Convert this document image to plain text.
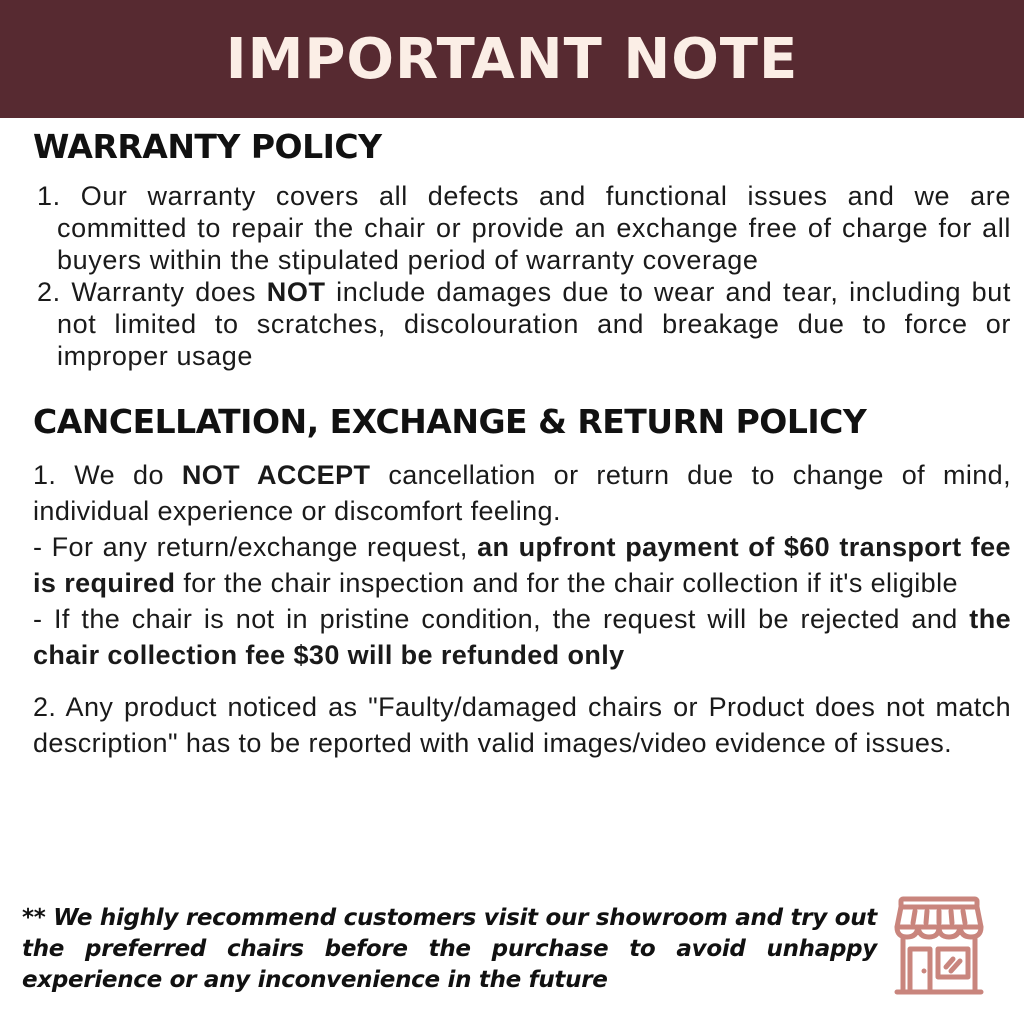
IMPORTANT NOTE
WARRANTY POLICY
1. Our warranty covers all defects and functional issues and we are committed to repair the chair or provide an exchange free of charge for all buyers within the stipulated period of warranty coverage
2. Warranty does NOT include damages due to wear and tear, including but not limited to scratches, discolouration and breakage due to force or improper usage
CANCELLATION, EXCHANGE & RETURN POLICY

1. We do NOT ACCEPT cancellation or return due to change of mind, individual experience or discomfort feeling.

- For any return/exchange request, an upfront payment of $60 transport fee is required for the chair inspection and for the chair collection if it's eligible

- If the chair is not in pristine condition, the request will be rejected and the chair collection fee $30 will be refunded only

2. Any product noticed as "Faulty/damaged chairs or Product does not match description" has to be reported with valid images/video evidence of issues.

** We highly recommend customers visit our showroom and try out the preferred chairs before the purchase to avoid unhappy experience or any inconvenience in the future
